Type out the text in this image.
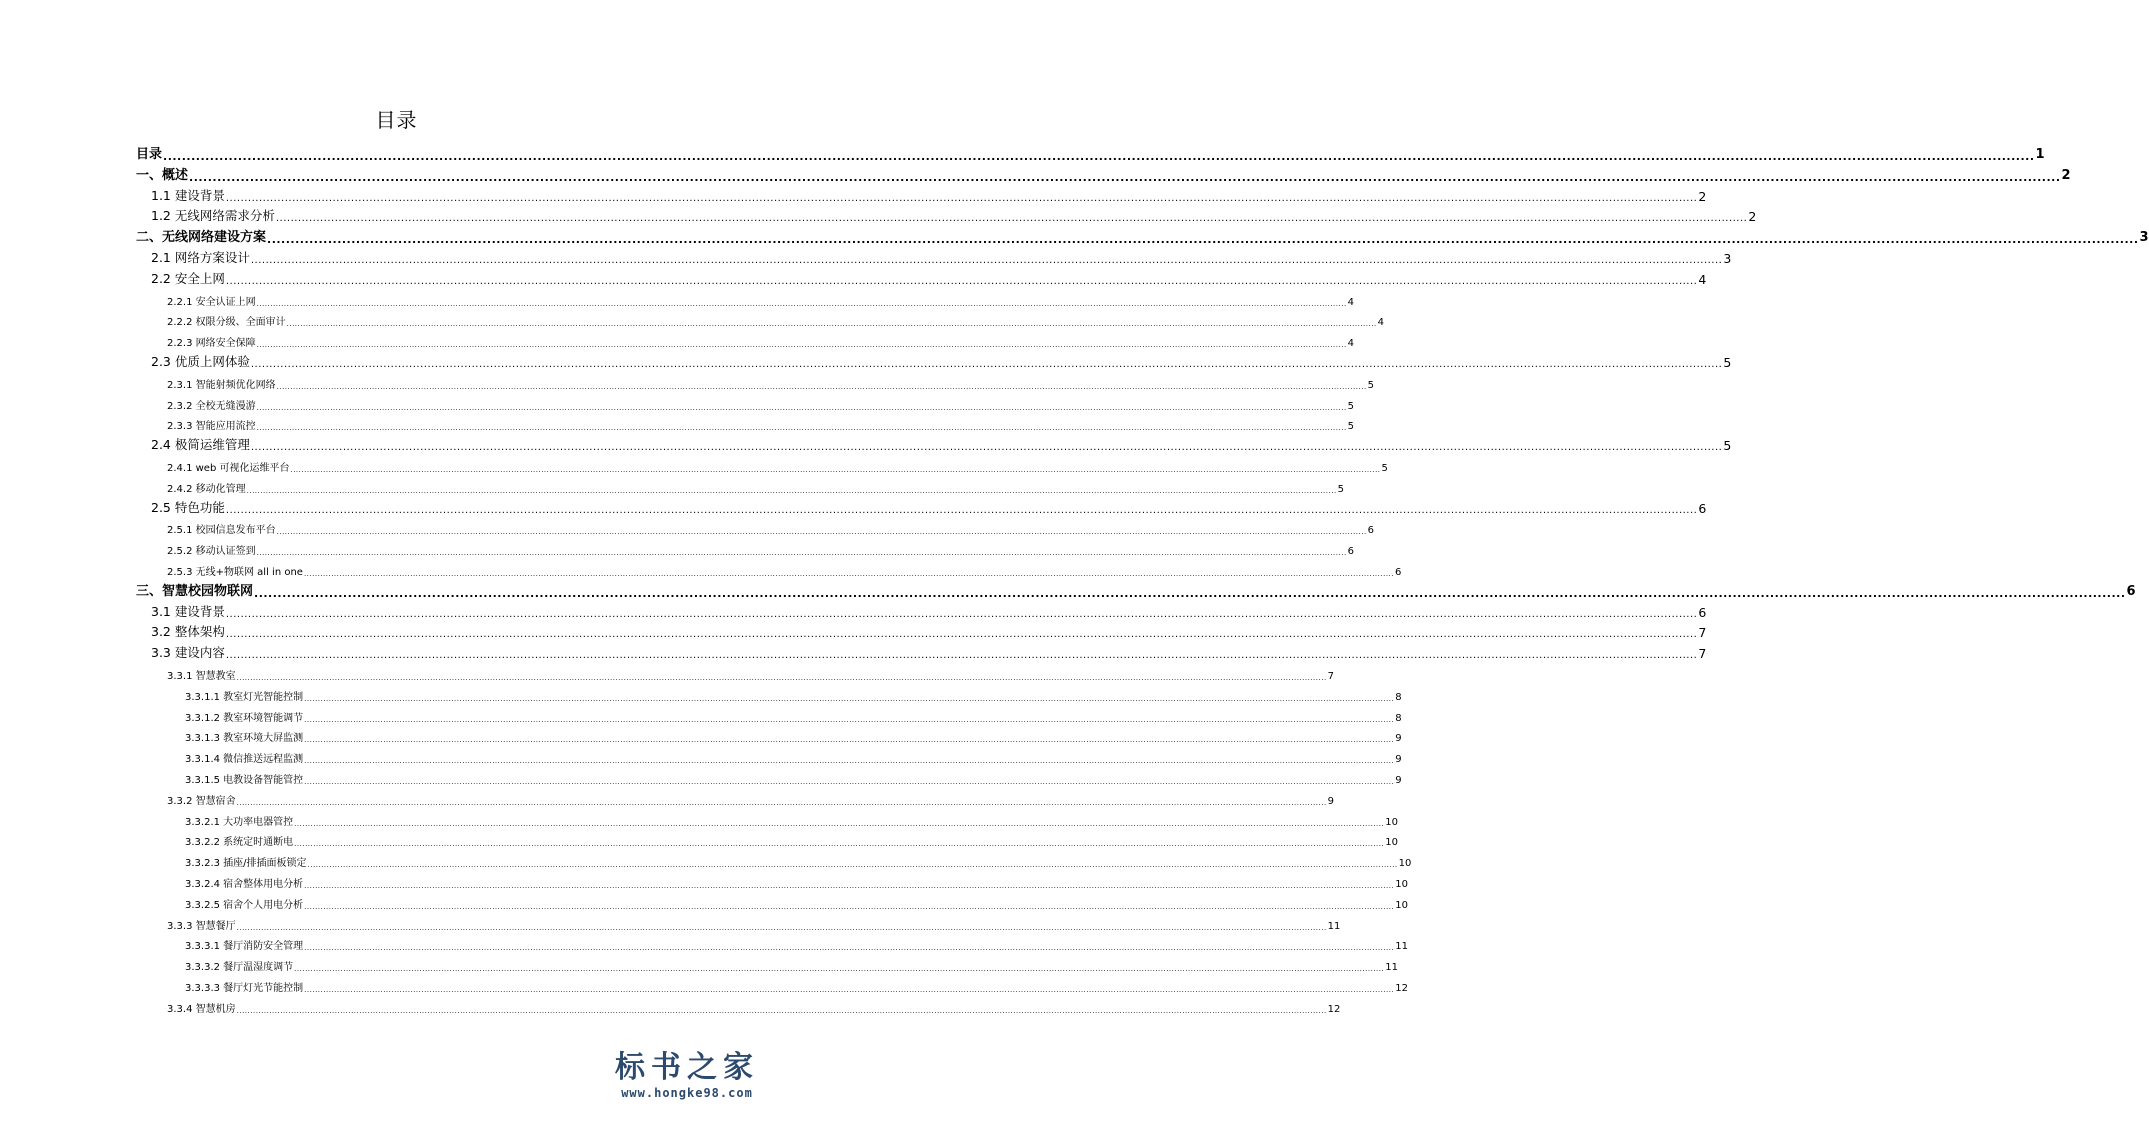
目录
目录 ................................................................................................................................................................................................................................................................................................................................................................................................................ 1
一、概述 ................................................................................................................................................................................................................................................................................................................................................................................................................ 2
1.1 建设背景 ................................................................................................................................................................................................................................................................................................................................................................................................................ 2
1.2 无线网络需求分析 ................................................................................................................................................................................................................................................................................................................................................................................................................ 2
二、无线网络建设方案 ................................................................................................................................................................................................................................................................................................................................................................................................................ 3
2.1 网络方案设计 ................................................................................................................................................................................................................................................................................................................................................................................................................ 3
2.2 安全上网 ................................................................................................................................................................................................................................................................................................................................................................................................................ 4
2.2.1 安全认证上网 ................................................................................................................................................................................................................................................................................................................................................................................................................ 4
2.2.2 权限分级、全面审计 ................................................................................................................................................................................................................................................................................................................................................................................................................ 4
2.2.3 网络安全保障 ................................................................................................................................................................................................................................................................................................................................................................................................................ 4
2.3 优质上网体验 ................................................................................................................................................................................................................................................................................................................................................................................................................ 5
2.3.1 智能射频优化网络 ................................................................................................................................................................................................................................................................................................................................................................................................................ 5
2.3.2 全校无缝漫游 ................................................................................................................................................................................................................................................................................................................................................................................................................ 5
2.3.3 智能应用流控 ................................................................................................................................................................................................................................................................................................................................................................................................................ 5
2.4 极简运维管理 ................................................................................................................................................................................................................................................................................................................................................................................................................ 5
2.4.1 web 可视化运维平台 ................................................................................................................................................................................................................................................................................................................................................................................................................ 5
2.4.2 移动化管理 ................................................................................................................................................................................................................................................................................................................................................................................................................ 5
2.5 特色功能 ................................................................................................................................................................................................................................................................................................................................................................................................................ 6
2.5.1 校园信息发布平台 ................................................................................................................................................................................................................................................................................................................................................................................................................ 6
2.5.2 移动认证签到 ................................................................................................................................................................................................................................................................................................................................................................................................................ 6
2.5.3 无线+物联网 all in one ................................................................................................................................................................................................................................................................................................................................................................................................................ 6
三、智慧校园物联网 ................................................................................................................................................................................................................................................................................................................................................................................................................ 6
3.1 建设背景 ................................................................................................................................................................................................................................................................................................................................................................................................................ 6
3.2 整体架构 ................................................................................................................................................................................................................................................................................................................................................................................................................ 7
3.3 建设内容 ................................................................................................................................................................................................................................................................................................................................................................................................................ 7
3.3.1 智慧教室 ................................................................................................................................................................................................................................................................................................................................................................................................................ 7
3.3.1.1 教室灯光智能控制 ................................................................................................................................................................................................................................................................................................................................................................................................................ 8
3.3.1.2 教室环境智能调节 ................................................................................................................................................................................................................................................................................................................................................................................................................ 8
3.3.1.3 教室环境大屏监测 ................................................................................................................................................................................................................................................................................................................................................................................................................ 9
3.3.1.4 微信推送远程监测 ................................................................................................................................................................................................................................................................................................................................................................................................................ 9
3.3.1.5 电教设备智能管控 ................................................................................................................................................................................................................................................................................................................................................................................................................ 9
3.3.2 智慧宿舍 ................................................................................................................................................................................................................................................................................................................................................................................................................ 9
3.3.2.1 大功率电器管控 ................................................................................................................................................................................................................................................................................................................................................................................................................ 10
3.3.2.2 系统定时通断电 ................................................................................................................................................................................................................................................................................................................................................................................................................ 10
3.3.2.3 插座/排插面板锁定 ................................................................................................................................................................................................................................................................................................................................................................................................................ 10
3.3.2.4 宿舍整体用电分析 ................................................................................................................................................................................................................................................................................................................................................................................................................ 10
3.3.2.5 宿舍个人用电分析 ................................................................................................................................................................................................................................................................................................................................................................................................................ 10
3.3.3 智慧餐厅 ................................................................................................................................................................................................................................................................................................................................................................................................................ 11
3.3.3.1 餐厅消防安全管理 ................................................................................................................................................................................................................................................................................................................................................................................................................ 11
3.3.3.2 餐厅温湿度调节 ................................................................................................................................................................................................................................................................................................................................................................................................................ 11
3.3.3.3 餐厅灯光节能控制 ................................................................................................................................................................................................................................................................................................................................................................................................................ 12
3.3.4 智慧机房 ................................................................................................................................................................................................................................................................................................................................................................................................................ 12
标书之家
www.hongke98.com
